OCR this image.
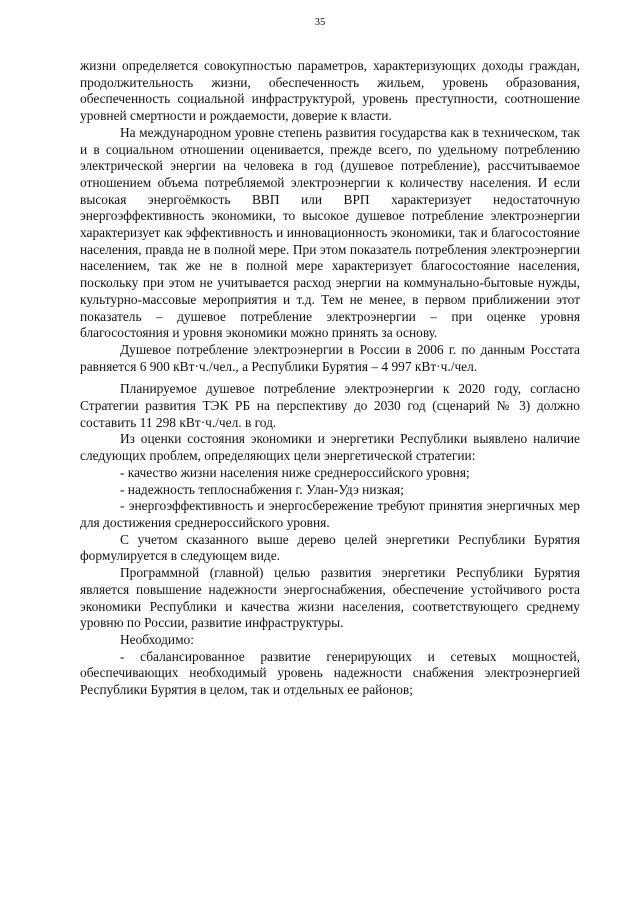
35

жизни определяется совокупностью параметров, характеризующих доходы граждан, продолжительность жизни, обеспеченность жильем, уровень образования, обеспеченность социальной инфраструктурой, уровень преступности, соотношение уровней смертности и рождаемости, доверие к власти.

На международном уровне степень развития государства как в техническом, так и в социальном отношении оценивается, прежде всего, по удельному потреблению электрической энергии на человека в год (душевое потребление), рассчитываемое отношением объема потребляемой электроэнергии к количеству населения. И если высокая энергоёмкость ВВП или ВРП характеризует недостаточную энергоэффективность экономики, то высокое душевое потребление электроэнергии характеризует как эффективность и инновационность экономики, так и благосостояние населения, правда не в полной мере. При этом показатель потребления электроэнергии населением, так же не в полной мере характеризует благосостояние населения, поскольку при этом не учитывается расход энергии на коммунально-бытовые нужды, культурно-массовые мероприятия и т.д. Тем не менее, в первом приближении этот показатель – душевое потребление электроэнергии – при оценке уровня благосостояния и уровня экономики можно принять за основу.

Душевое потребление электроэнергии в России в 2006 г. по данным Росстата равняется 6 900 кВт·ч./чел., а Республики Бурятия – 4 997 кВт·ч./чел.

Планируемое душевое потребление электроэнергии к 2020 году, согласно Стратегии развития ТЭК РБ на перспективу до 2030 год (сценарий № 3) должно составить 11 298 кВт·ч./чел. в год.

Из оценки состояния экономики и энергетики Республики выявлено наличие следующих проблем, определяющих цели энергетической стратегии:

- качество жизни населения ниже среднероссийского уровня;

- надежность теплоснабжения г. Улан-Удэ низкая;

- энергоэффективность и энергосбережение требуют принятия энергичных мер для достижения среднероссийского уровня.

С учетом сказанного выше дерево целей энергетики Республики Бурятия формулируется в следующем виде.

Программной (главной) целью развития энергетики Республики Бурятия является повышение надежности энергоснабжения, обеспечение устойчивого роста экономики Республики и качества жизни населения, соответствующего среднему уровню по России, развитие инфраструктуры.

Необходимо:

- сбалансированное развитие генерирующих и сетевых мощностей, обеспечивающих необходимый уровень надежности снабжения электроэнергией Республики Бурятия в целом, так и отдельных ее районов;
